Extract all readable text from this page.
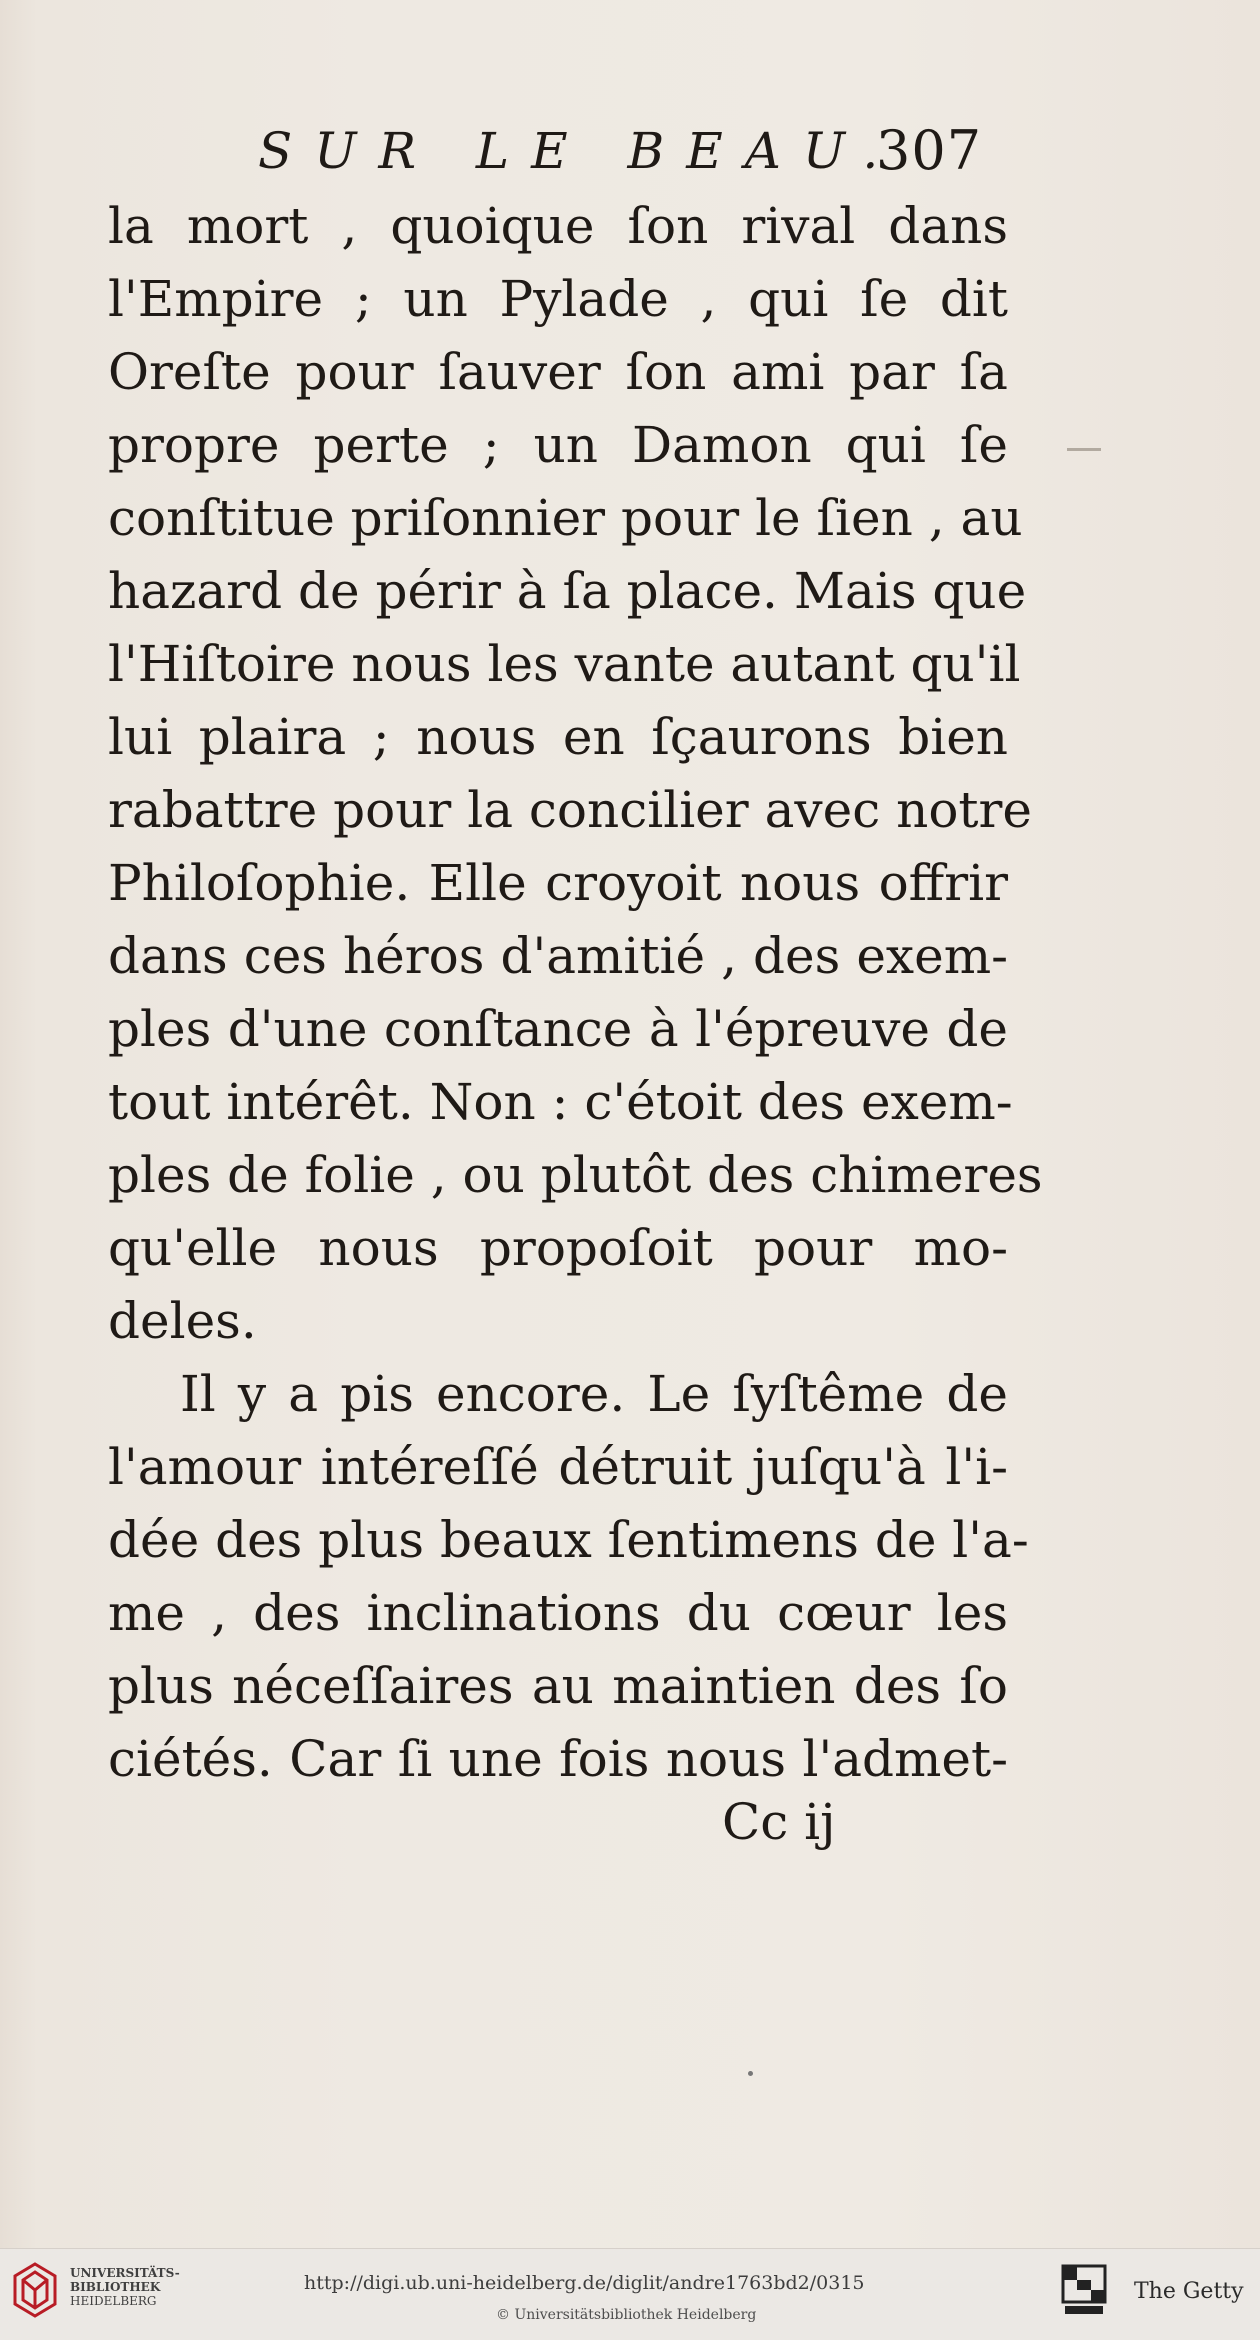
SUR LE BEAU.
307
la mort , quoique ſon rival dans
l'Empire ; un Pylade , qui ſe dit
Oreſte pour ſauver ſon ami par ſa
propre perte ; un Damon qui ſe
conſtitue priſonnier pour le ſien , au
hazard de périr à ſa place. Mais que
l'Hiſtoire nous les vante autant qu'il
lui plaira ; nous en ſçaurons bien
rabattre pour la concilier avec notre
Philoſophie. Elle croyoit nous offrir
dans ces héros d'amitié , des exem-
ples d'une conſtance à l'épreuve de
tout intérêt. Non : c'étoit des exem-
ples de folie , ou plutôt des chimeres
qu'elle nous propoſoit pour mo-
deles.
Il y a pis encore. Le ſyſtême de
l'amour intéreſſé détruit juſqu'à l'i-
dée des plus beaux ſentimens de l'a-
me , des inclinations du cœur les
plus néceſſaires au maintien des ſo
ciétés. Car ſi une fois nous l'admet-
Cc ij
UNIVERSITÄTS-
BIBLIOTHEK
HEIDELBERG
http://digi.ub.uni-heidelberg.de/diglit/andre1763bd2/0315
© Universitätsbibliothek Heidelberg
The Getty
